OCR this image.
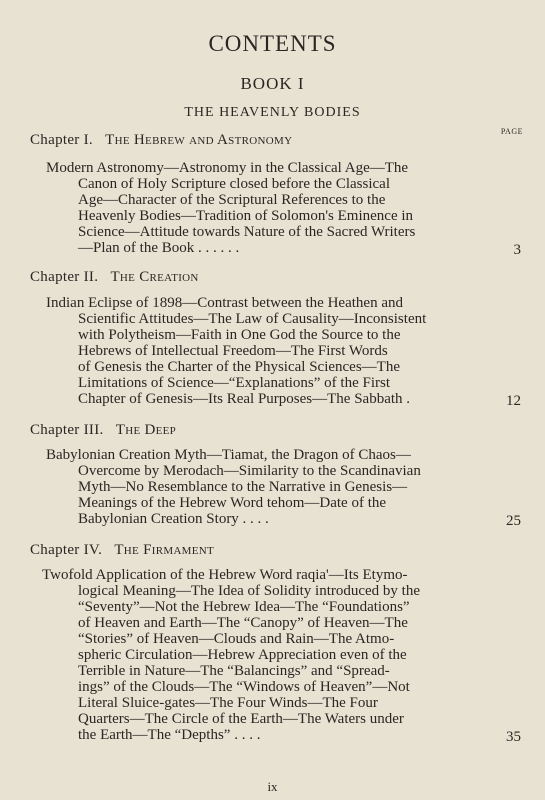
CONTENTS
BOOK I
THE HEAVENLY BODIES
PAGE
Chapter I. The Hebrew and Astronomy
Modern Astronomy—Astronomy in the Classical Age—The
Canon of Holy Scripture closed before the Classical
Age—Character of the Scriptural References to the
Heavenly Bodies—Tradition of Solomon's Eminence in
Science—Attitude towards Nature of the Sacred Writers
—Plan of the Book . . . . . .	3
Chapter II. The Creation
Indian Eclipse of 1898—Contrast between the Heathen and
Scientific Attitudes—The Law of Causality—Inconsistent
with Polytheism—Faith in One God the Source to the
Hebrews of Intellectual Freedom—The First Words
of Genesis the Charter of the Physical Sciences—The
Limitations of Science—“Explanations” of the First
Chapter of Genesis—Its Real Purposes—The Sabbath .	12
Chapter III. The Deep
Babylonian Creation Myth—Tiamat, the Dragon of Chaos—
Overcome by Merodach—Similarity to the Scandinavian
Myth—No Resemblance to the Narrative in Genesis—
Meanings of the Hebrew Word tehom—Date of the
Babylonian Creation Story . . . .	25
Chapter IV. The Firmament
Twofold Application of the Hebrew Word raqia'—Its Etymo-
logical Meaning—The Idea of Solidity introduced by the
“Seventy”—Not the Hebrew Idea—The “Foundations”
of Heaven and Earth—The “Canopy” of Heaven—The
“Stories” of Heaven—Clouds and Rain—The Atmo-
spheric Circulation—Hebrew Appreciation even of the
Terrible in Nature—The “Balancings” and “Spread-
ings” of the Clouds—The “Windows of Heaven”—Not
Literal Sluice-gates—The Four Winds—The Four
Quarters—The Circle of the Earth—The Waters under
the Earth—The “Depths” . . . .	35
ix
